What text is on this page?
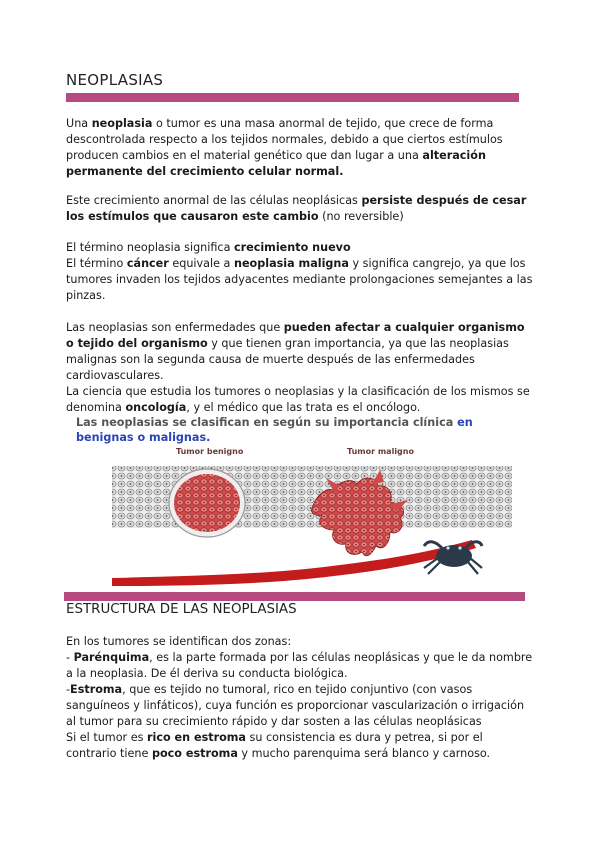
NEOPLASIAS

Una neoplasia o tumor es una masa anormal de tejido, que crece de forma descontrolada respecto a los tejidos normales, debido a que ciertos estímulos producen cambios en el material genético que dan lugar a una alteración permanente del crecimiento celular normal.

Este crecimiento anormal de las células neoplásicas persiste después de cesar los estímulos que causaron este cambio (no reversible)

El término neoplasia significa crecimiento nuevo
El término cáncer equivale a neoplasia maligna y significa cangrejo, ya que los tumores invaden los tejidos adyacentes mediante prolongaciones semejantes a las pinzas.

Las neoplasias son enfermedades que pueden afectar a cualquier organismo o tejido del organismo y que tienen gran importancia, ya que las neoplasias malignas son la segunda causa de muerte después de las enfermedades cardiovasculares.
La ciencia que estudia los tumores o neoplasias y la clasificación de los mismos se denomina oncología, y el médico que las trata es el oncólogo.

Las neoplasias se clasifican en según su importancia clínica en benignas o malignas.
Tumor benigno	Tumor maligno
ESTRUCTURA DE LAS NEOPLASIAS

En los tumores se identifican dos zonas:
- Parénquima, es la parte formada por las células neoplásicas y que le da nombre a la neoplasia. De él deriva su conducta biológica.
-Estroma, que es tejido no tumoral, rico en tejido conjuntivo (con vasos sanguíneos y linfáticos), cuya función es proporcionar vascularización o irrigación al tumor para su crecimiento rápido y dar sosten a las células neoplásicas
Si el tumor es rico en estroma su consistencia es dura y petrea, si por el contrario tiene poco estroma y mucho parenquima será blanco y carnoso.
